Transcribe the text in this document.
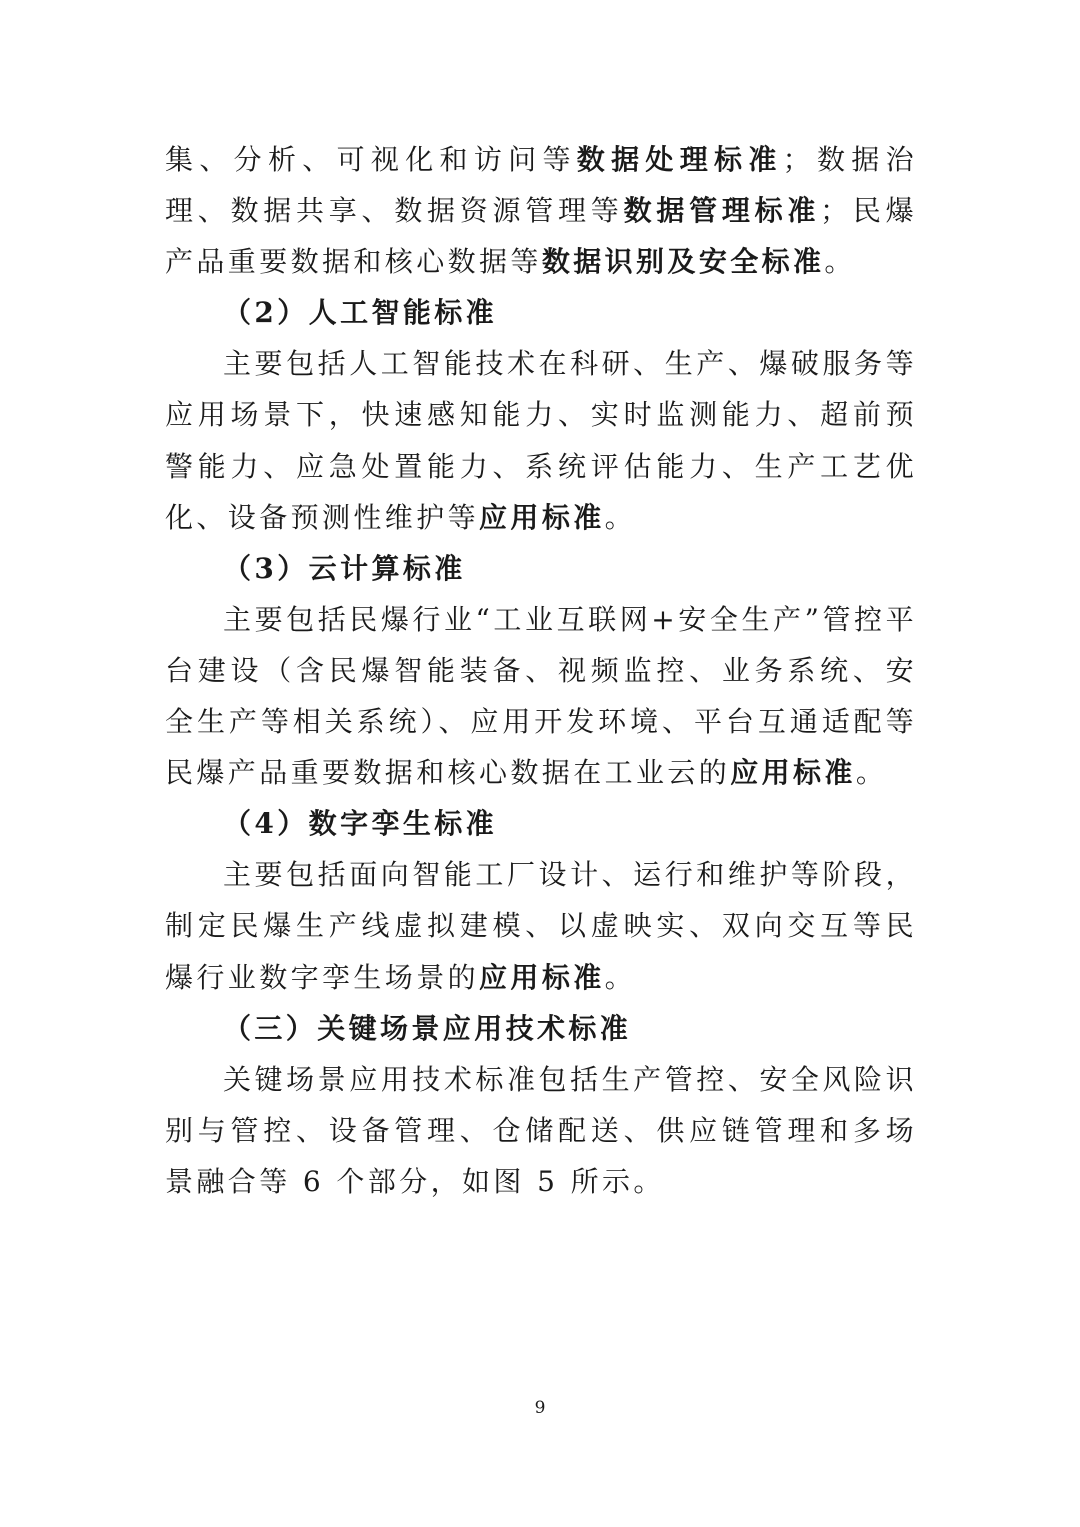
集、分析、可视化和访问等数据处理标准；数据治理、数据共享、数据资源管理等数据管理标准；民爆产品重要数据和核心数据等数据识别及安全标准。

（2）人工智能标准

主要包括人工智能技术在科研、生产、爆破服务等应用场景下，快速感知能力、实时监测能力、超前预警能力、应急处置能力、系统评估能力、生产工艺优化、设备预测性维护等应用标准。

（3）云计算标准

主要包括民爆行业“工业互联网+安全生产”管控平台建设（含民爆智能装备、视频监控、业务系统、安全生产等相关系统）、应用开发环境、平台互通适配等民爆产品重要数据和核心数据在工业云的应用标准。

（4）数字孪生标准

主要包括面向智能工厂设计、运行和维护等阶段，制定民爆生产线虚拟建模、以虚映实、双向交互等民爆行业数字孪生场景的应用标准。

（三）关键场景应用技术标准

关键场景应用技术标准包括生产管控、安全风险识别与管控、设备管理、仓储配送、供应链管理和多场景融合等 6 个部分，如图 5 所示。

9
